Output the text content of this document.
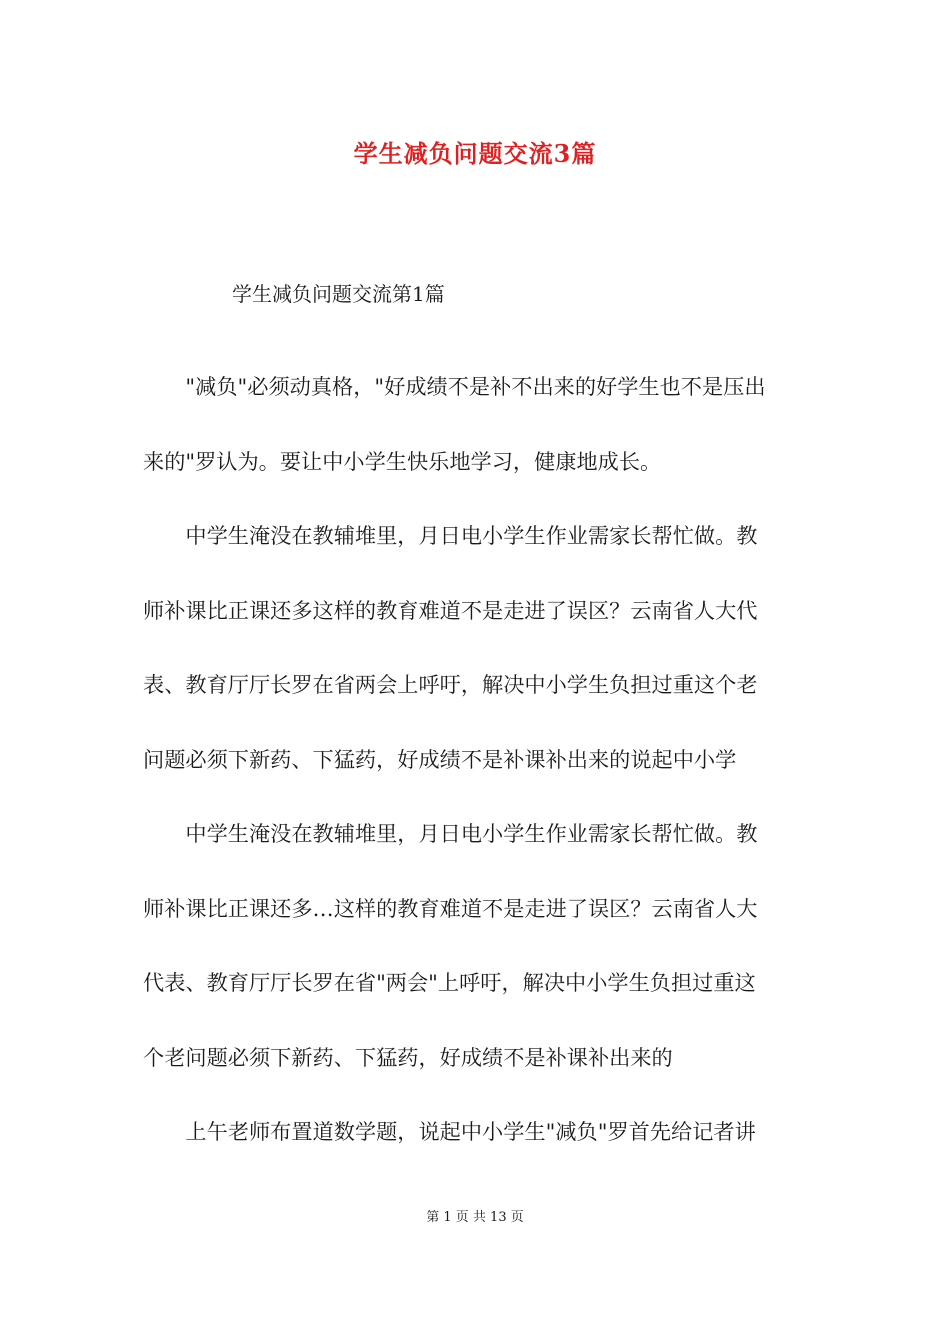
学生减负问题交流3篇
学生减负问题交流第1篇

"减负"必须动真格，"好成绩不是补不出来的好学生也不是压出
来的"罗认为。要让中小学生快乐地学习，健康地成长。

中学生淹没在教辅堆里，月日电小学生作业需家长帮忙做。教
师补课比正课还多这样的教育难道不是走进了误区？云南省人大代
表、教育厅厅长罗在省两会上呼吁，解决中小学生负担过重这个老
问题必须下新药、下猛药，好成绩不是补课补出来的说起中小学

中学生淹没在教辅堆里，月日电小学生作业需家长帮忙做。教
师补课比正课还多…这样的教育难道不是走进了误区？云南省人大
代表、教育厅厅长罗在省"两会"上呼吁，解决中小学生负担过重这
个老问题必须下新药、下猛药，好成绩不是补课补出来的

上午老师布置道数学题，说起中小学生"减负"罗首先给记者讲

第 1 页 共 13 页
